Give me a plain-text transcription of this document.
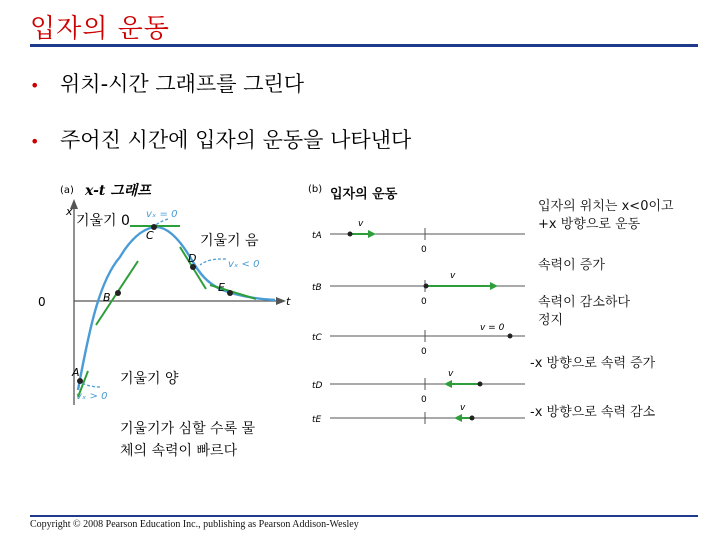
입자의 운동
• 위치-시간 그래프를 그린다
• 주어진 시간에 입자의 운동을 나타낸다
(a)
x
t
0
A
B
C
D
E
vₓ = 0
vₓ < 0
vₓ > 0
x-t 그래프
기울기 0
기울기 음
기울기 양
기울기가 심할 수록 물
체의 속력이 빠르다
(b) 입자의 운동
tA
0
v
tB
0
v
tC
0
v = 0
tD
0
v
tE
v
입자의 위치는 x<0이고
+x 방향으로 운동
속력이 증가
속력이 감소하다
정지
-x 방향으로 속력 증가
-x 방향으로 속력 감소
Copyright © 2008 Pearson Education Inc., publishing as Pearson Addison-Wesley
